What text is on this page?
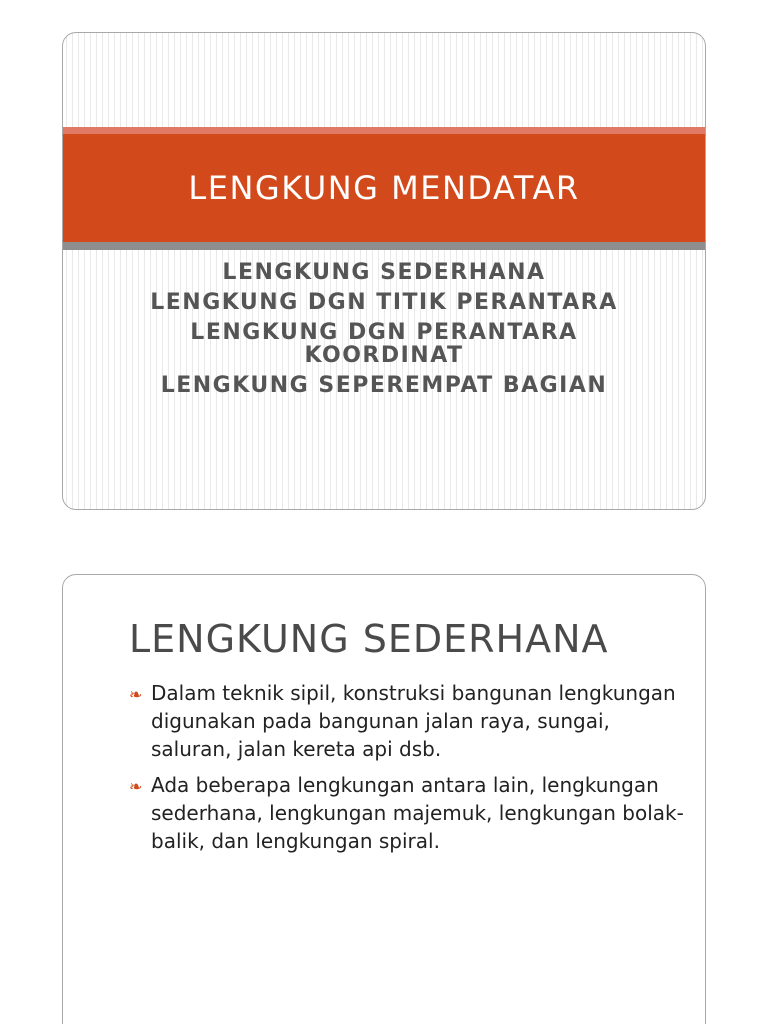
LENGKUNG MENDATAR
LENGKUNG SEDERHANA
LENGKUNG DGN TITIK PERANTARA
LENGKUNG DGN PERANTARA KOORDINAT
LENGKUNG SEPEREMPAT BAGIAN
LENGKUNG SEDERHANA
❧ Dalam teknik sipil, konstruksi bangunan lengkungan digunakan pada bangunan jalan raya, sungai, saluran, jalan kereta api dsb.
❧ Ada beberapa lengkungan antara lain, lengkungan sederhana, lengkungan majemuk, lengkungan bolak-balik, dan lengkungan spiral.
